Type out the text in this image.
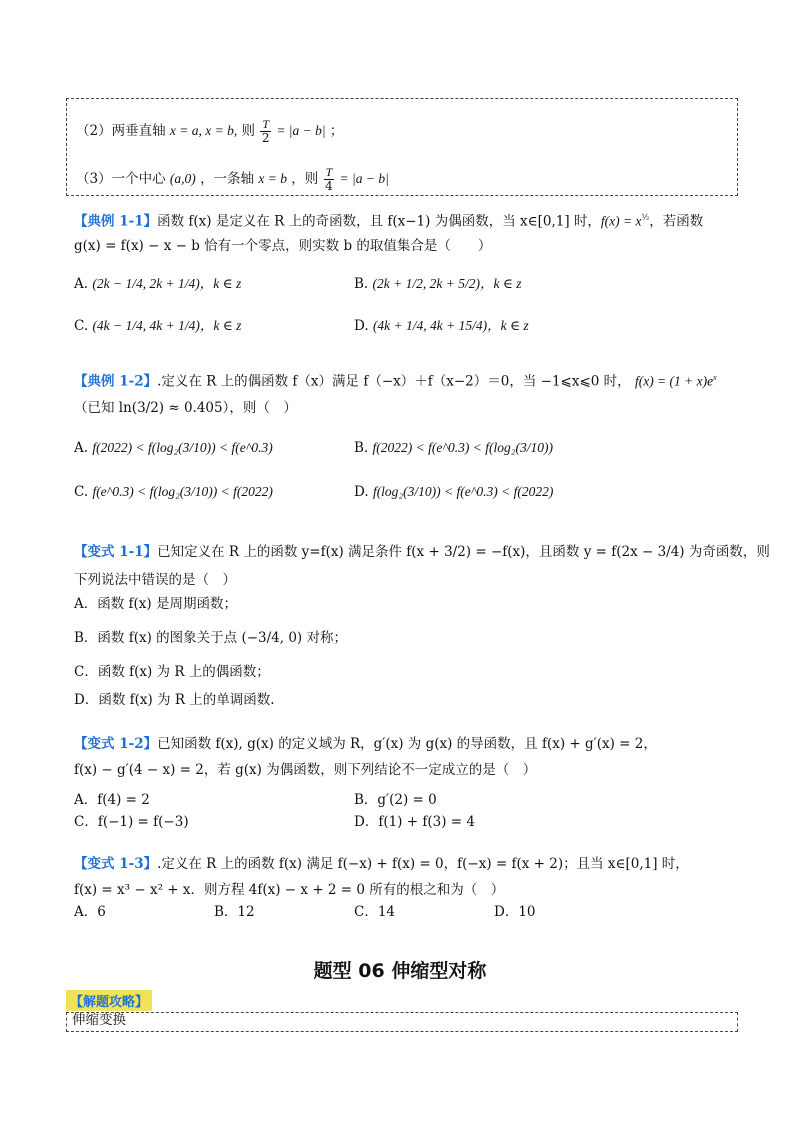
（2）两垂直轴 x = a, x = b, 则 $\frac{T}{2} = |a - b|$ ；
（3）一个中心 (a,0) ，一条轴 x = b ，则 $\frac{T}{4} = |a - b|$
【典例 1-1】函数 f(x) 是定义在 R 上的奇函数，且 f(x−1) 为偶函数，当 x∈[0,1] 时，$f(x) = x^{\frac{1}{2}}$，若函数
g(x) = f(x) − x − b 恰有一个零点，则实数 b 的取值集合是（　　）
A. (2k − 1/4, 2k + 1/4)，k ∈ z	B. (2k + 1/2, 2k + 5/2)，k ∈ z
C. (4k − 1/4, 4k + 1/4)，k ∈ z	D. (4k + 1/4, 4k + 15/4)，k ∈ z
【典例 1-2】.定义在 R 上的偶函数 f（x）满足 f（−x）＋f（x−2）＝0，当 −1⩽x⩽0 时， $f(x) = (1 + x)e^x$
（已知 ln(3/2) ≈ 0.405），则（　）
A. f(2022) < f(log₂(3/10)) < f(e^0.3)	B. f(2022) < f(e^0.3) < f(log₂(3/10))
C. f(e^0.3) < f(log₂(3/10)) < f(2022)	D. f(log₂(3/10)) < f(e^0.3) < f(2022)
【变式 1-1】已知定义在 R 上的函数 y=f(x) 满足条件 f(x + 3/2) = −f(x)，且函数 y = f(2x − 3/4) 为奇函数，则
下列说法中错误的是（　）
A．函数 f(x) 是周期函数；
B．函数 f(x) 的图象关于点 (−3/4, 0) 对称；
C．函数 f(x) 为 R 上的偶函数；
D．函数 f(x) 为 R 上的单调函数.
【变式 1-2】已知函数 f(x), g(x) 的定义域为 R，g′(x) 为 g(x) 的导函数，且 f(x) + g′(x) = 2，
f(x) − g′(4 − x) = 2，若 g(x) 为偶函数，则下列结论不一定成立的是（　）
A．f(4) = 2	B．g′(2) = 0
C．f(−1) = f(−3)	D．f(1) + f(3) = 4
【变式 1-3】.定义在 R 上的函数 f(x) 满足 f(−x) + f(x) = 0，f(−x) = f(x + 2)；且当 x∈[0,1] 时，
f(x) = x³ − x² + x．则方程 4f(x) − x + 2 = 0 所有的根之和为（　）
A．6	B．12	C．14	D．10
题型 06 伸缩型对称
【解题攻略】
伸缩变换
